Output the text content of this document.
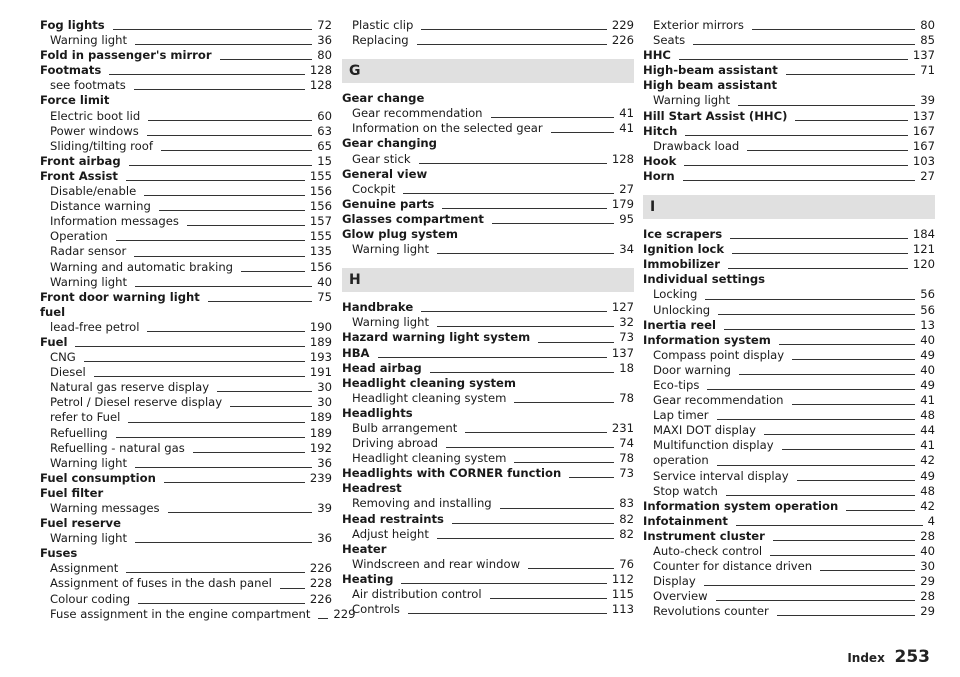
Fog lights	72
Warning light	36
Fold in passenger's mirror	80
Footmats	128
see footmats	128
Force limit
Electric boot lid	60
Power windows	63
Sliding/tilting roof	65
Front airbag	15
Front Assist	155
Disable/enable	156
Distance warning	156
Information messages	157
Operation	155
Radar sensor	135
Warning and automatic braking	156
Warning light	40
Front door warning light	75
fuel
lead-free petrol	190
Fuel	189
CNG	193
Diesel	191
Natural gas reserve display	30
Petrol / Diesel reserve display	30
refer to Fuel	189
Refuelling	189
Refuelling - natural gas	192
Warning light	36
Fuel consumption	239
Fuel filter
Warning messages	39
Fuel reserve
Warning light	36
Fuses
Assignment	226
Assignment of fuses in the dash panel	228
Colour coding	226
Fuse assignment in the engine compartment 229
Plastic clip	229
Replacing	226
G
Gear change
Gear recommendation	41
Information on the selected gear	41
Gear changing
Gear stick	128
General view
Cockpit	27
Genuine parts	179
Glasses compartment	95
Glow plug system
Warning light	34
H
Handbrake	127
Warning light	32
Hazard warning light system	73
HBA	137
Head airbag	18
Headlight cleaning system
Headlight cleaning system	78
Headlights
Bulb arrangement	231
Driving abroad	74
Headlight cleaning system	78
Headlights with CORNER function	73
Headrest
Removing and installing	83
Head restraints	82
Adjust height	82
Heater
Windscreen and rear window	76
Heating	112
Air distribution control	115
Controls	113
Exterior mirrors	80
Seats	85
HHC	137
High-beam assistant	71
High beam assistant
Warning light	39
Hill Start Assist (HHC)	137
Hitch	167
Drawback load	167
Hook	103
Horn	27
I
Ice scrapers	184
Ignition lock	121
Immobilizer	120
Individual settings
Locking	56
Unlocking	56
Inertia reel	13
Information system	40
Compass point display	49
Door warning	40
Eco-tips	49
Gear recommendation	41
Lap timer	48
MAXI DOT display	44
Multifunction display	41
operation	42
Service interval display	49
Stop watch	48
Information system operation	42
Infotainment	4
Instrument cluster	28
Auto-check control	40
Counter for distance driven	30
Display	29
Overview	28
Revolutions counter	29
Index 253
